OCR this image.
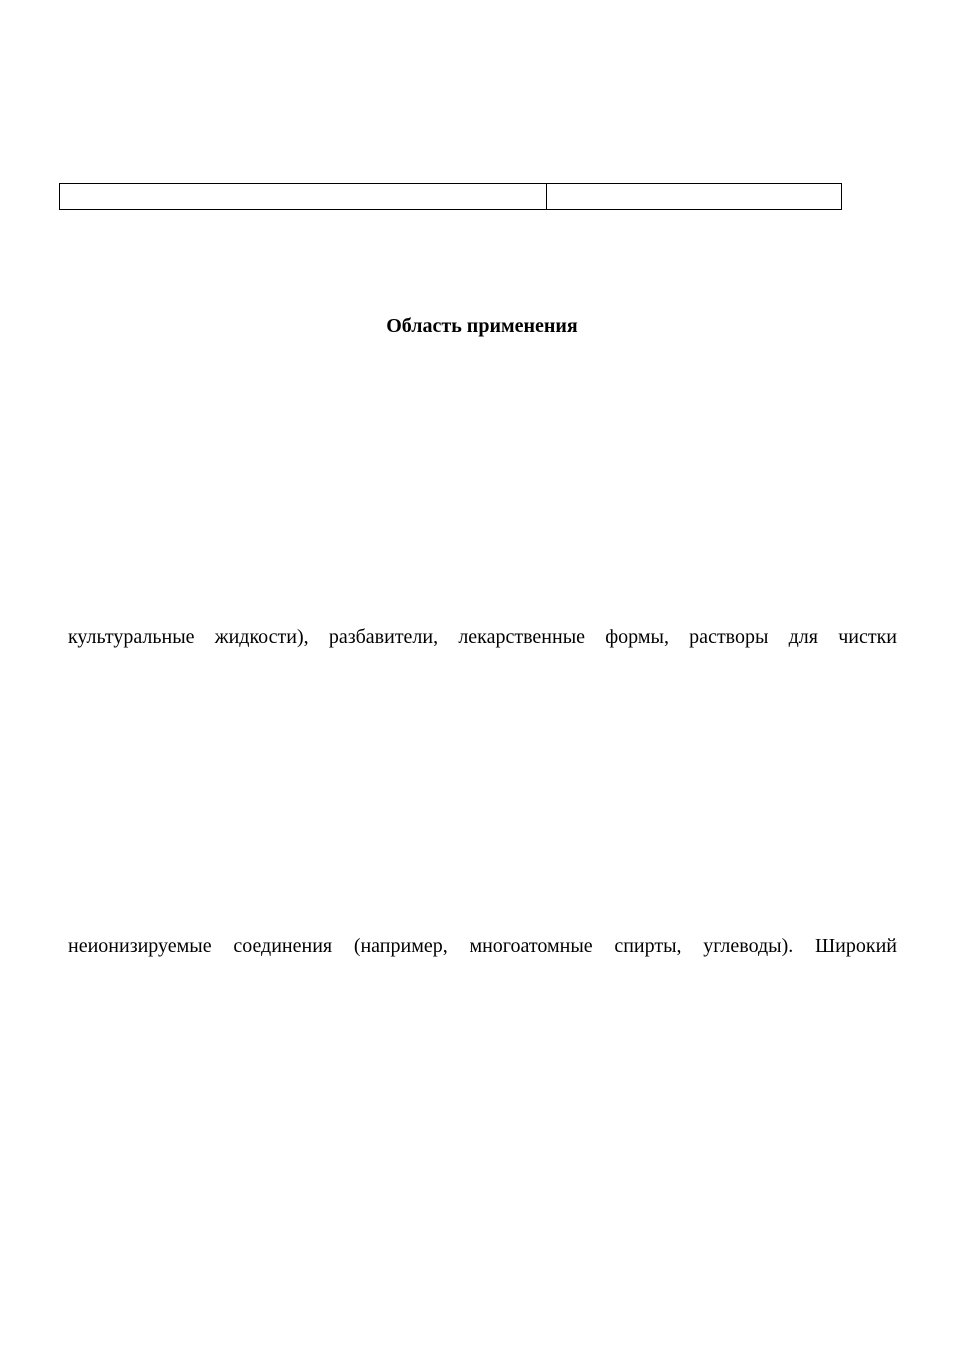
Область применения

культуральные жидкости), разбавители, лекарственные формы, растворы для чистки

неионизируемые соединения (например, многоатомные спирты, углеводы). Широкий
